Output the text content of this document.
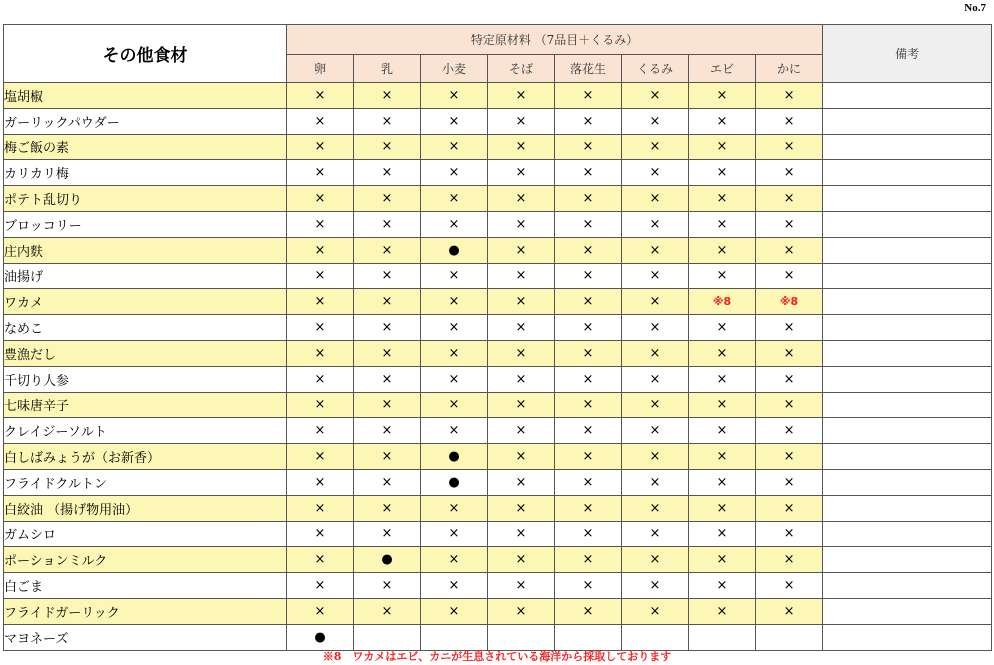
No.7
その他食材	特定原材料 （7品目＋くるみ）								備考
	卵	乳	小麦	そば	落花生	くるみ	エビ	かに	
塩胡椒	×	×	×	×	×	×	×	×	
ガーリックパウダー	×	×	×	×	×	×	×	×	
梅ご飯の素	×	×	×	×	×	×	×	×	
カリカリ梅	×	×	×	×	×	×	×	×	
ポテト乱切り	×	×	×	×	×	×	×	×	
ブロッコリー	×	×	×	×	×	×	×	×	
庄内麩	×	×	●	×	×	×	×	×	
油揚げ	×	×	×	×	×	×	×	×	
ワカメ	×	×	×	×	×	×	※8	※8	
なめこ	×	×	×	×	×	×	×	×	
豊漁だし	×	×	×	×	×	×	×	×	
千切り人参	×	×	×	×	×	×	×	×	
七味唐辛子	×	×	×	×	×	×	×	×	
クレイジーソルト	×	×	×	×	×	×	×	×	
白しばみょうが（お新香）	×	×	●	×	×	×	×	×	
フライドクルトン	×	×	●	×	×	×	×	×	
白絞油 （揚げ物用油）	×	×	×	×	×	×	×	×	
ガムシロ	×	×	×	×	×	×	×	×	
ポーションミルク	×	●	×	×	×	×	×	×	
白ごま	×	×	×	×	×	×	×	×	
フライドガーリック	×	×	×	×	×	×	×	×	
マヨネーズ	●								
※8　ワカメはエビ、カニが生息されている海洋から採取しております
